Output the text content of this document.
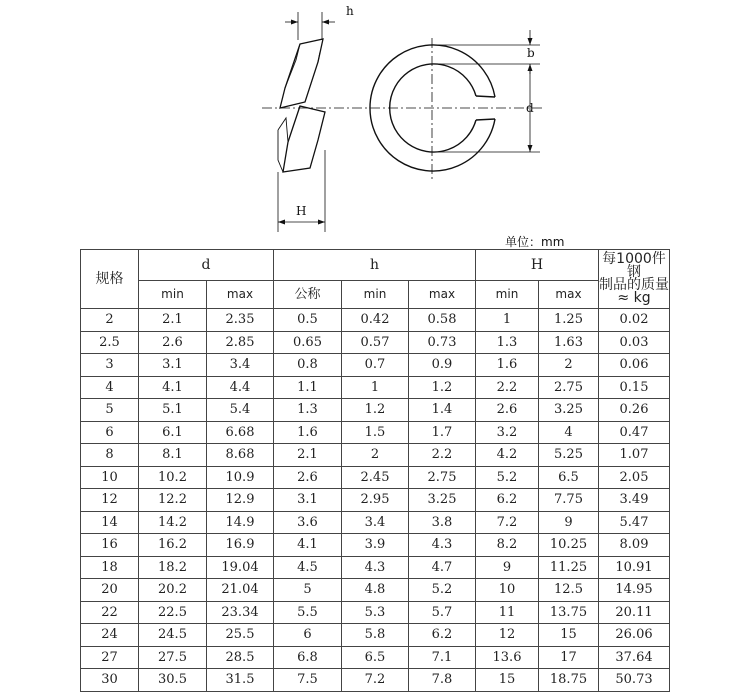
h
H
b
d
单位：mm
规格	d		h			H		每1000件钢
制品的质量
≈ kg
	min	max	公称	min	max	min	max	
2	2.1	2.35	0.5	0.42	0.58	1	1.25	0.02
2.5	2.6	2.85	0.65	0.57	0.73	1.3	1.63	0.03
3	3.1	3.4	0.8	0.7	0.9	1.6	2	0.06
4	4.1	4.4	1.1	1	1.2	2.2	2.75	0.15
5	5.1	5.4	1.3	1.2	1.4	2.6	3.25	0.26
6	6.1	6.68	1.6	1.5	1.7	3.2	4	0.47
8	8.1	8.68	2.1	2	2.2	4.2	5.25	1.07
10	10.2	10.9	2.6	2.45	2.75	5.2	6.5	2.05
12	12.2	12.9	3.1	2.95	3.25	6.2	7.75	3.49
14	14.2	14.9	3.6	3.4	3.8	7.2	9	5.47
16	16.2	16.9	4.1	3.9	4.3	8.2	10.25	8.09
18	18.2	19.04	4.5	4.3	4.7	9	11.25	10.91
20	20.2	21.04	5	4.8	5.2	10	12.5	14.95
22	22.5	23.34	5.5	5.3	5.7	11	13.75	20.11
24	24.5	25.5	6	5.8	6.2	12	15	26.06
27	27.5	28.5	6.8	6.5	7.1	13.6	17	37.64
30	30.5	31.5	7.5	7.2	7.8	15	18.75	50.73
